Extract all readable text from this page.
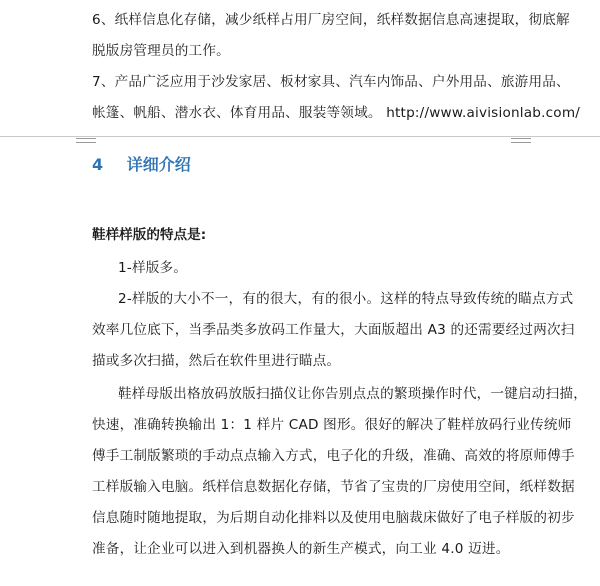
6、纸样信息化存储，减少纸样占用厂房空间，纸样数据信息高速提取，彻底解
脱版房管理员的工作。
7、产品广泛应用于沙发家居、板材家具、汽车内饰品、户外用品、旅游用品、
帐篷、帆船、潜水衣、体育用品、服装等领域。 http://www.aivisionlab.com/
4 详细介绍
鞋样样版的特点是:
1-样版多。
2-样版的大小不一，有的很大，有的很小。这样的特点导致传统的瞄点方式
效率几位底下，当季品类多放码工作量大，大面版超出 A3 的还需要经过两次扫
描或多次扫描，然后在软件里进行瞄点。
鞋样母版出格放码放版扫描仪让你告别点点的繁琐操作时代，一键启动扫描，
快速，准确转换输出 1：1 样片 CAD 图形。很好的解决了鞋样放码行业传统师
傅手工制版繁琐的手动点点输入方式，电子化的升级，准确、高效的将原师傅手
工样版输入电脑。纸样信息数据化存储，节省了宝贵的厂房使用空间，纸样数据
信息随时随地提取，为后期自动化排料以及使用电脑裁床做好了电子样版的初步
准备，让企业可以进入到机器换人的新生产模式，向工业 4.0 迈进。
